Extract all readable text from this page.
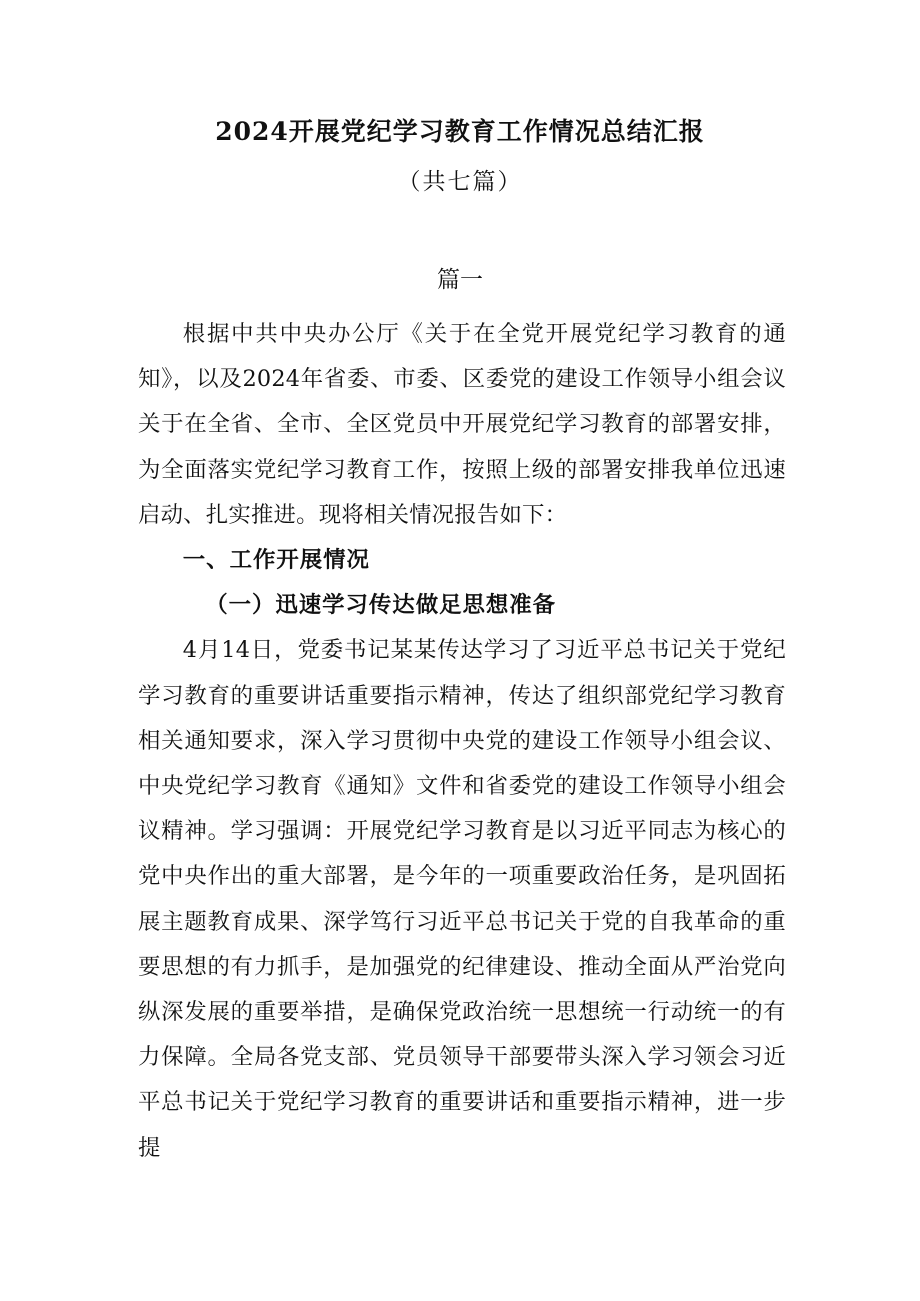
2024开展党纪学习教育工作情况总结汇报
（共七篇）
篇一

根据中共中央办公厅《关于在全党开展党纪学习教育的通知》，以及2024年省委、市委、区委党的建设工作领导小组会议关于在全省、全市、全区党员中开展党纪学习教育的部署安排，为全面落实党纪学习教育工作，按照上级的部署安排我单位迅速启动、扎实推进。现将相关情况报告如下：

一、工作开展情况

（一）迅速学习传达做足思想准备

4月14日，党委书记某某传达学习了习近平总书记关于党纪学习教育的重要讲话重要指示精神，传达了组织部党纪学习教育相关通知要求，深入学习贯彻中央党的建设工作领导小组会议、中央党纪学习教育《通知》文件和省委党的建设工作领导小组会议精神。学习强调：开展党纪学习教育是以习近平同志为核心的党中央作出的重大部署，是今年的一项重要政治任务，是巩固拓展主题教育成果、深学笃行习近平总书记关于党的自我革命的重要思想的有力抓手，是加强党的纪律建设、推动全面从严治党向纵深发展的重要举措，是确保党政治统一思想统一行动统一的有力保障。全局各党支部、党员领导干部要带头深入学习领会习近平总书记关于党纪学习教育的重要讲话和重要指示精神，进一步提
